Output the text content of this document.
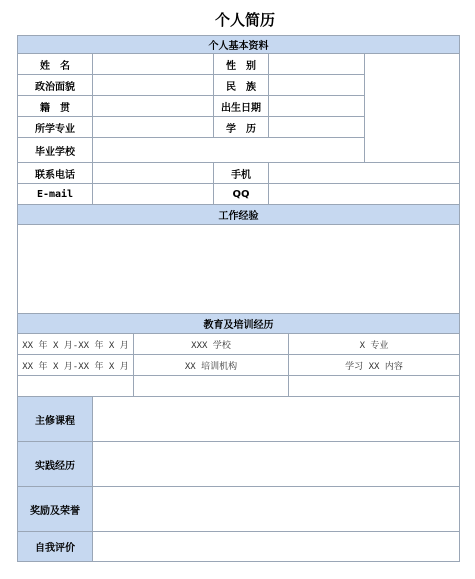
个人简历
个人基本资料
姓　名	性　别
政治面貌	民　族
籍　贯	出生日期
所学专业	学　历
毕业学校
联系电话	手机
E-mail	QQ
工作经验
教育及培训经历
XX 年 X 月-XX 年 X 月	XXX 学校	X 专业
XX 年 X 月-XX 年 X 月	XX 培训机构	学习 XX 内容
主修课程
实践经历
奖励及荣誉
自我评价
